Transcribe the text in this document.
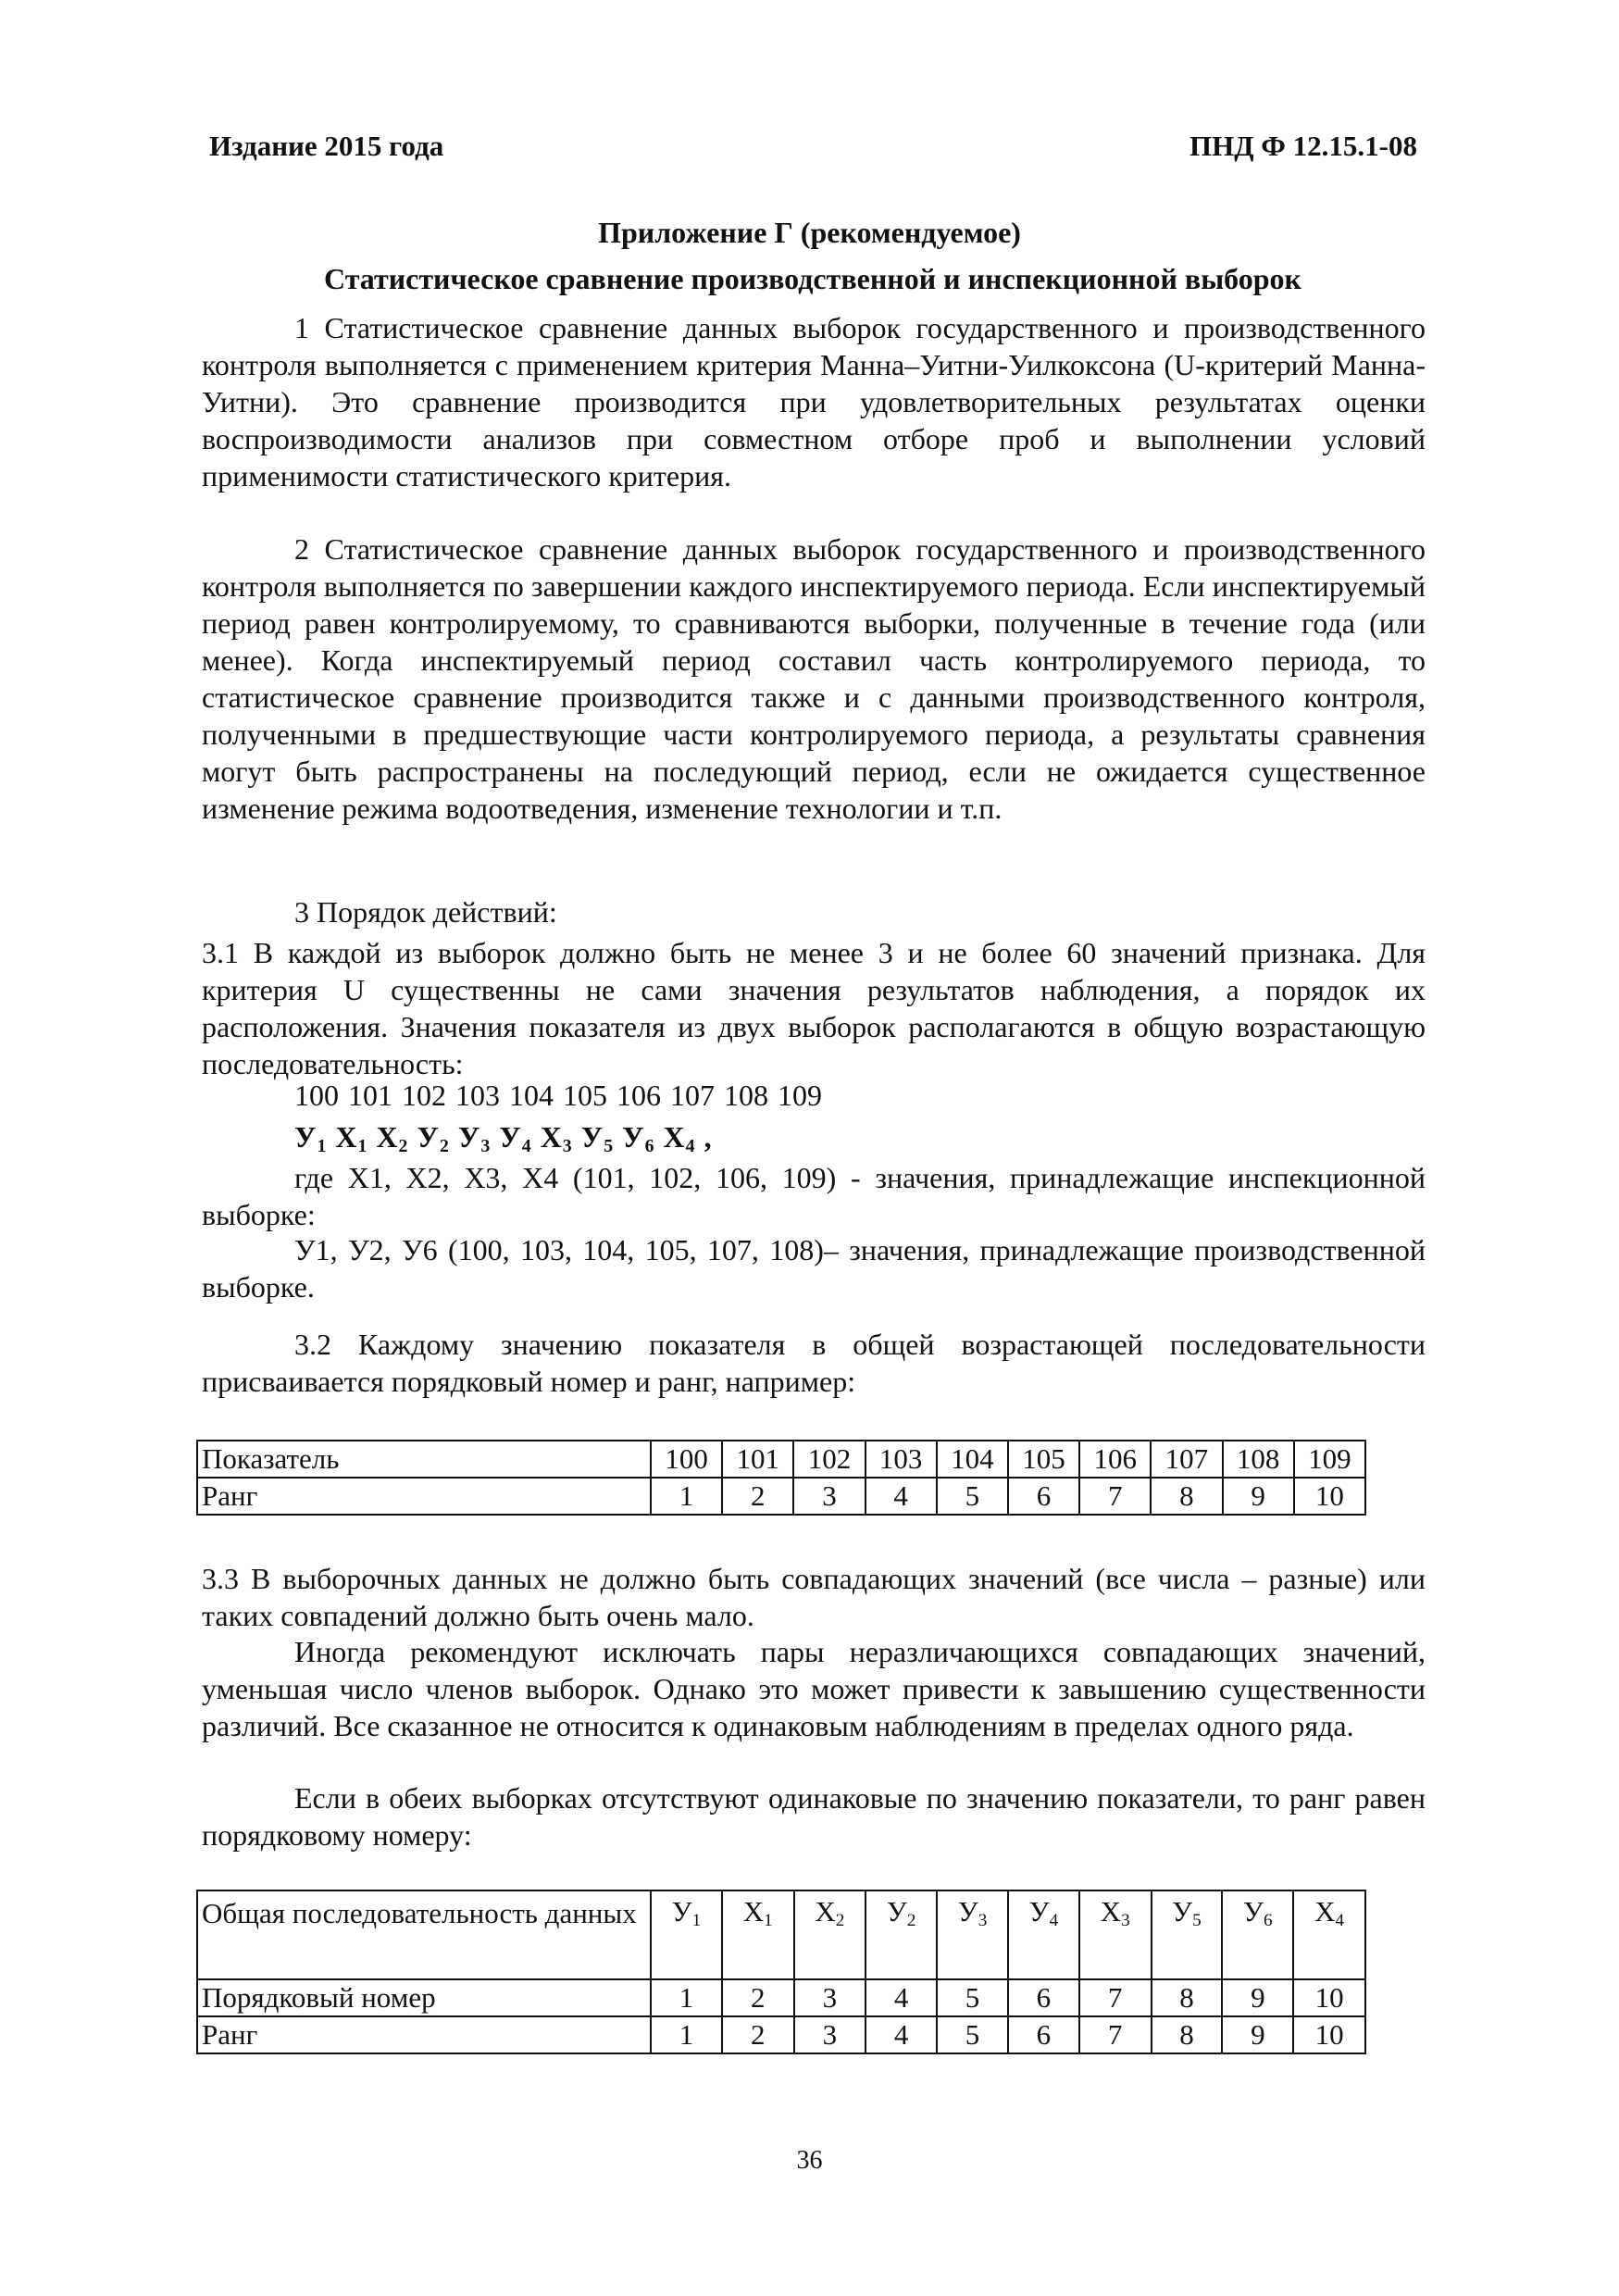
Издание 2015 года	ПНД Ф 12.15.1-08
Приложение Г (рекомендуемое)
Статистическое сравнение производственной и инспекционной выборок
1 Статистическое сравнение данных выборок государственного и производственного контроля выполняется с применением критерия Манна–Уитни-Уилкоксона (U-критерий Манна-Уитни). Это сравнение производится при удовлетворительных результатах оценки воспроизводимости анализов при совместном отборе проб и выполнении условий применимости статистического критерия.
2 Статистическое сравнение данных выборок государственного и производственного контроля выполняется по завершении каждого инспектируемого периода. Если инспектируемый период равен контролируемому, то сравниваются выборки, полученные в течение года (или менее). Когда инспектируемый период составил часть контролируемого периода, то статистическое сравнение производится также и с данными производственного контроля, полученными в предшествующие части контролируемого периода, а результаты сравнения могут быть распространены на последующий период, если не ожидается существенное изменение режима водоотведения, изменение технологии и т.п.
3 Порядок действий:
3.1 В каждой из выборок должно быть не менее 3 и не более 60 значений признака. Для критерия U существенны не сами значения результатов наблюдения, а порядок их расположения. Значения показателя из двух выборок располагаются в общую возрастающую последовательность:
100 101 102 103 104 105 106 107 108 109
$У_1$ $Х_1$ $Х_2$ $У_2$ $У_3$ $У_4$ $Х_3$ $У_5$ $У_6$ $Х_4$ ,
где Х1, Х2, Х3, Х4 (101, 102, 106, 109) - значения, принадлежащие инспекционной выборке:
У1, У2, У6 (100, 103, 104, 105, 107, 108)– значения, принадлежащие производственной выборке.
3.2 Каждому значению показателя в общей возрастающей последовательности присваивается порядковый номер и ранг, например:
Показатель	100	101	102	103	104	105	106	107	108	109
Ранг	1	2	3	4	5	6	7	8	9	10
3.3 В выборочных данных не должно быть совпадающих значений (все числа – разные) или таких совпадений должно быть очень мало.
Иногда рекомендуют исключать пары неразличающихся совпадающих значений, уменьшая число членов выборок. Однако это может привести к завышению существенности различий. Все сказанное не относится к одинаковым наблюдениям в пределах одного ряда.
Если в обеих выборках отсутствуют одинаковые по значению показатели, то ранг равен порядковому номеру:
Общая последовательность данных	$У_1$	$Х_1$	$Х_2$	$У_2$	$У_3$	$У_4$	$Х_3$	$У_5$	$У_6$	$Х_4$
Порядковый номер	1	2	3	4	5	6	7	8	9	10
Ранг	1	2	3	4	5	6	7	8	9	10
36
